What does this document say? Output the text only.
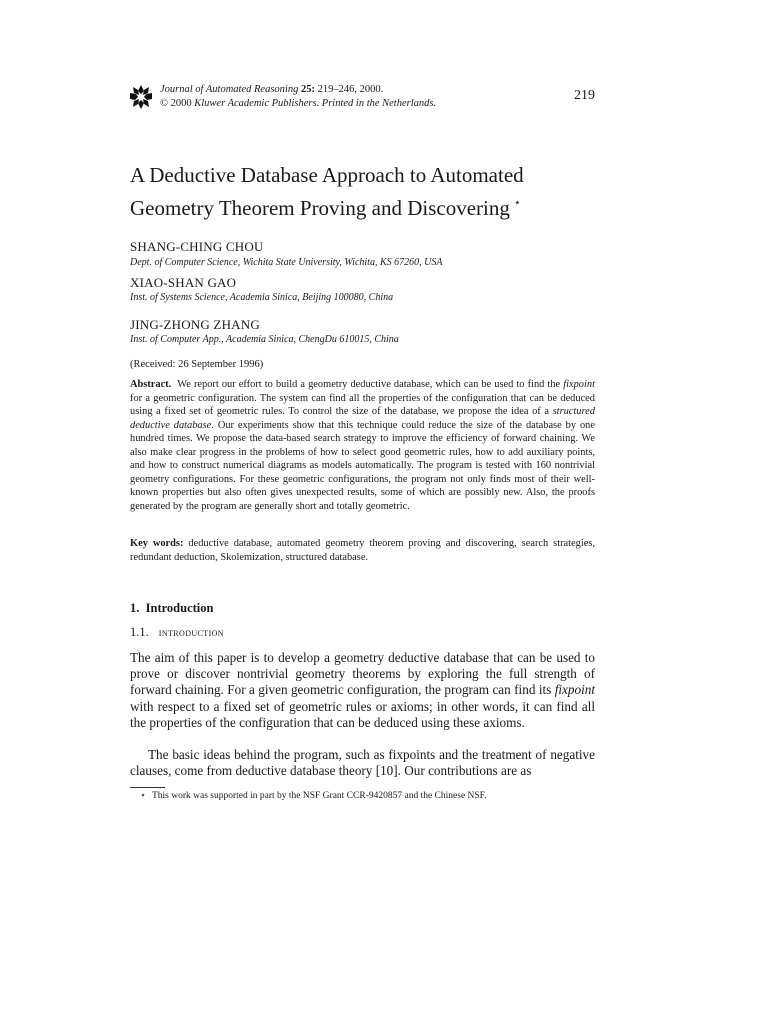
Journal of Automated Reasoning 25: 219–246, 2000.
© 2000 Kluwer Academic Publishers. Printed in the Netherlands.
219
A Deductive Database Approach to Automated
Geometry Theorem Proving and Discovering ⋆
SHANG-CHING CHOU
Dept. of Computer Science, Wichita State University, Wichita, KS 67260, USA
XIAO-SHAN GAO
Inst. of Systems Science, Academia Sinica, Beijing 100080, China
JING-ZHONG ZHANG
Inst. of Computer App., Academia Sinica, ChengDu 610015, China
(Received: 26 September 1996)

Abstract. We report our effort to build a geometry deductive database, which can be used to find the fixpoint for a geometric configuration. The system can find all the properties of the configuration that can be deduced using a fixed set of geometric rules. To control the size of the database, we propose the idea of a structured deductive database. Our experiments show that this technique could reduce the size of the database by one hundred times. We propose the data-based search strategy to improve the efficiency of forward chaining. We also make clear progress in the problems of how to select good geometric rules, how to add auxiliary points, and how to construct numerical diagrams as models automatically. The program is tested with 160 nontrivial geometry configurations. For these geometric configurations, the program not only finds most of their well-known properties but also often gives unexpected results, some of which are possibly new. Also, the proofs generated by the program are generally short and totally geometric.

Key words: deductive database, automated geometry theorem proving and discovering, search strategies, redundant deduction, Skolemization, structured database.

1. Introduction
1.1. introduction

The aim of this paper is to develop a geometry deductive database that can be used to prove or discover nontrivial geometry theorems by exploring the full strength of forward chaining. For a given geometric configuration, the program can find its fixpoint with respect to a fixed set of geometric rules or axioms; in other words, it can find all the properties of the configuration that can be deduced using these axioms.

The basic ideas behind the program, such as fixpoints and the treatment of negative clauses, come from deductive database theory [10]. Our contributions are as

⋆ This work was supported in part by the NSF Grant CCR-9420857 and the Chinese NSF.
